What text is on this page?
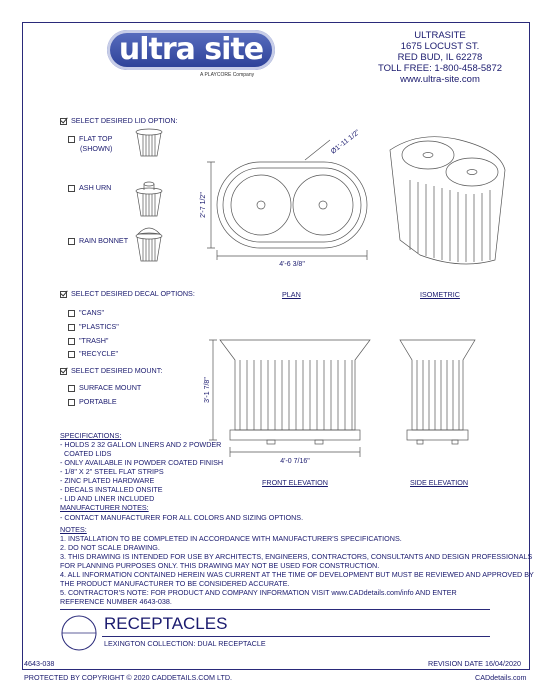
ultra site
A PLAYCORE Company
ULTRASITE
1675 LOCUST ST.
RED BUD, IL 62278
TOLL FREE: 1-800-458-5872
www.ultra-site.com
SELECT DESIRED LID OPTION:
FLAT TOP
(SHOWN)
ASH URN
RAIN BONNET
SELECT DESIRED DECAL OPTIONS:
"CANS"
"PLASTICS"
"TRASH"
"RECYCLE"
SELECT DESIRED MOUNT:
SURFACE MOUNT
PORTABLE
SPECIFICATIONS:
- HOLDS 2 32 GALLON LINERS AND 2 POWDER
COATED LIDS
- ONLY AVAILABLE IN POWDER COATED FINISH
- 1/8" X 2" STEEL FLAT STRIPS
- ZINC PLATED HARDWARE
- DECALS INSTALLED ONSITE
- LID AND LINER INCLUDED
MANUFACTURER NOTES:
- CONTACT MANUFACTURER FOR ALL COLORS AND SIZING OPTIONS.
NOTES:
1. INSTALLATION TO BE COMPLETED IN ACCORDANCE WITH MANUFACTURER'S SPECIFICATIONS.
2. DO NOT SCALE DRAWING.
3. THIS DRAWING IS INTENDED FOR USE BY ARCHITECTS, ENGINEERS, CONTRACTORS, CONSULTANTS AND DESIGN PROFESSIONALS
FOR PLANNING PURPOSES ONLY. THIS DRAWING MAY NOT BE USED FOR CONSTRUCTION.
4. ALL INFORMATION CONTAINED HEREIN WAS CURRENT AT THE TIME OF DEVELOPMENT BUT MUST BE REVIEWED AND APPROVED BY
THE PRODUCT MANUFACTURER TO BE CONSIDERED ACCURATE.
5. CONTRACTOR'S NOTE: FOR PRODUCT AND COMPANY INFORMATION VISIT www.CADdetails.com/info AND ENTER
REFERENCE NUMBER 4643-038.
4'-6 3/8"
2'-7 1/2"
Ø1'-11 1/2"
PLAN	ISOMETRIC
4'-0 7/16"
3'-1 7/8"
FRONT ELEVATION	SIDE ELEVATION
RECEPTACLES
LEXINGTON COLLECTION: DUAL RECEPTACLE
4643-038	REVISION DATE 16/04/2020
PROTECTED BY COPYRIGHT © 2020 CADDETAILS.COM LTD.	CADdetails.com
